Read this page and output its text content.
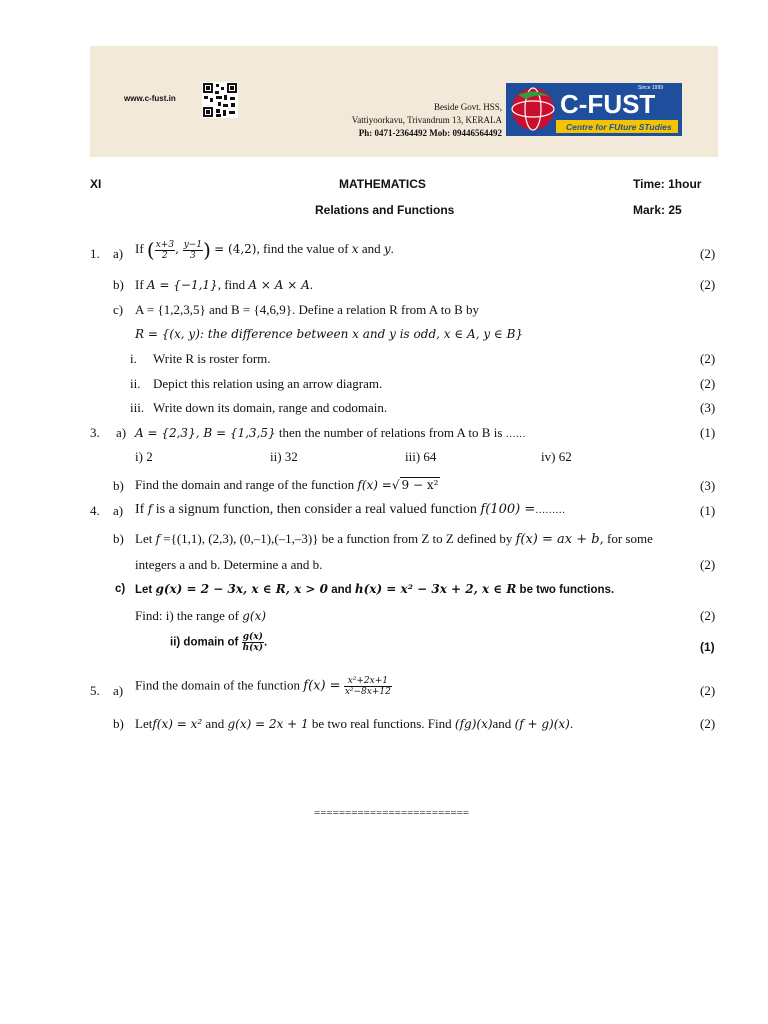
www.c-fust.in
Beside Govt. HSS,
Vattiyoorkavu, Trivandrum 13, KERALA
Ph: 0471-2364492 Mob: 09446564492
C-FUST
Since 1999
Centre for FUture STudies
XI	MATHEMATICS	Time: 1hour
Relations and Functions	Mark: 25
1. a) If ( $\frac{x+3}{2}$ , $\frac{y-1}{3}$ ) = (4,2), find the value of x and y.	(2)
b) If A = {−1,1}, find A × A × A.	(2)
c) A = {1,2,3,5} and B = {4,6,9}. Define a relation R from A to B by
R = {(x, y): the difference between x and y is odd, x ∈ A, y ∈ B}
i. Write R is roster form.	(2)
ii. Depict this relation using an arrow diagram.	(2)
iii. Write down its domain, range and codomain.	(3)
3. a) A = {2,3}, B = {1,3,5} then the number of relations from A to B is ……	(1)
i) 2	ii) 32	iii) 64	iv) 62
b) Find the domain and range of the function f(x) =√ 9 − x²	(3)
4. a) If f is a signum function, then consider a real valued function f(100) =………	(1)
b) Let f ={(1,1), (2,3), (0,–1),(–1,–3)} be a function from Z to Z defined by f(x) = ax + b, for some
integers a and b. Determine a and b.	(2)
c) Let g(x) = 2 − 3x, x ∈ R, x > 0 and h(x) = x² − 3x + 2, x ∈ R be two functions.
Find: i) the range of g(x)	(2)
ii) domain of $\frac{g(x)}{h(x)}$ .	(1)
5. a) Find the domain of the function $f(x) = \frac{\text{x²+2x+1}}{\text{x²−8x+12}}$	(2)
b) Letf(x) = x² and g(x) = 2x + 1 be two real functions. Find (fg)(x)and (f + g)(x).	(2)
=========================
